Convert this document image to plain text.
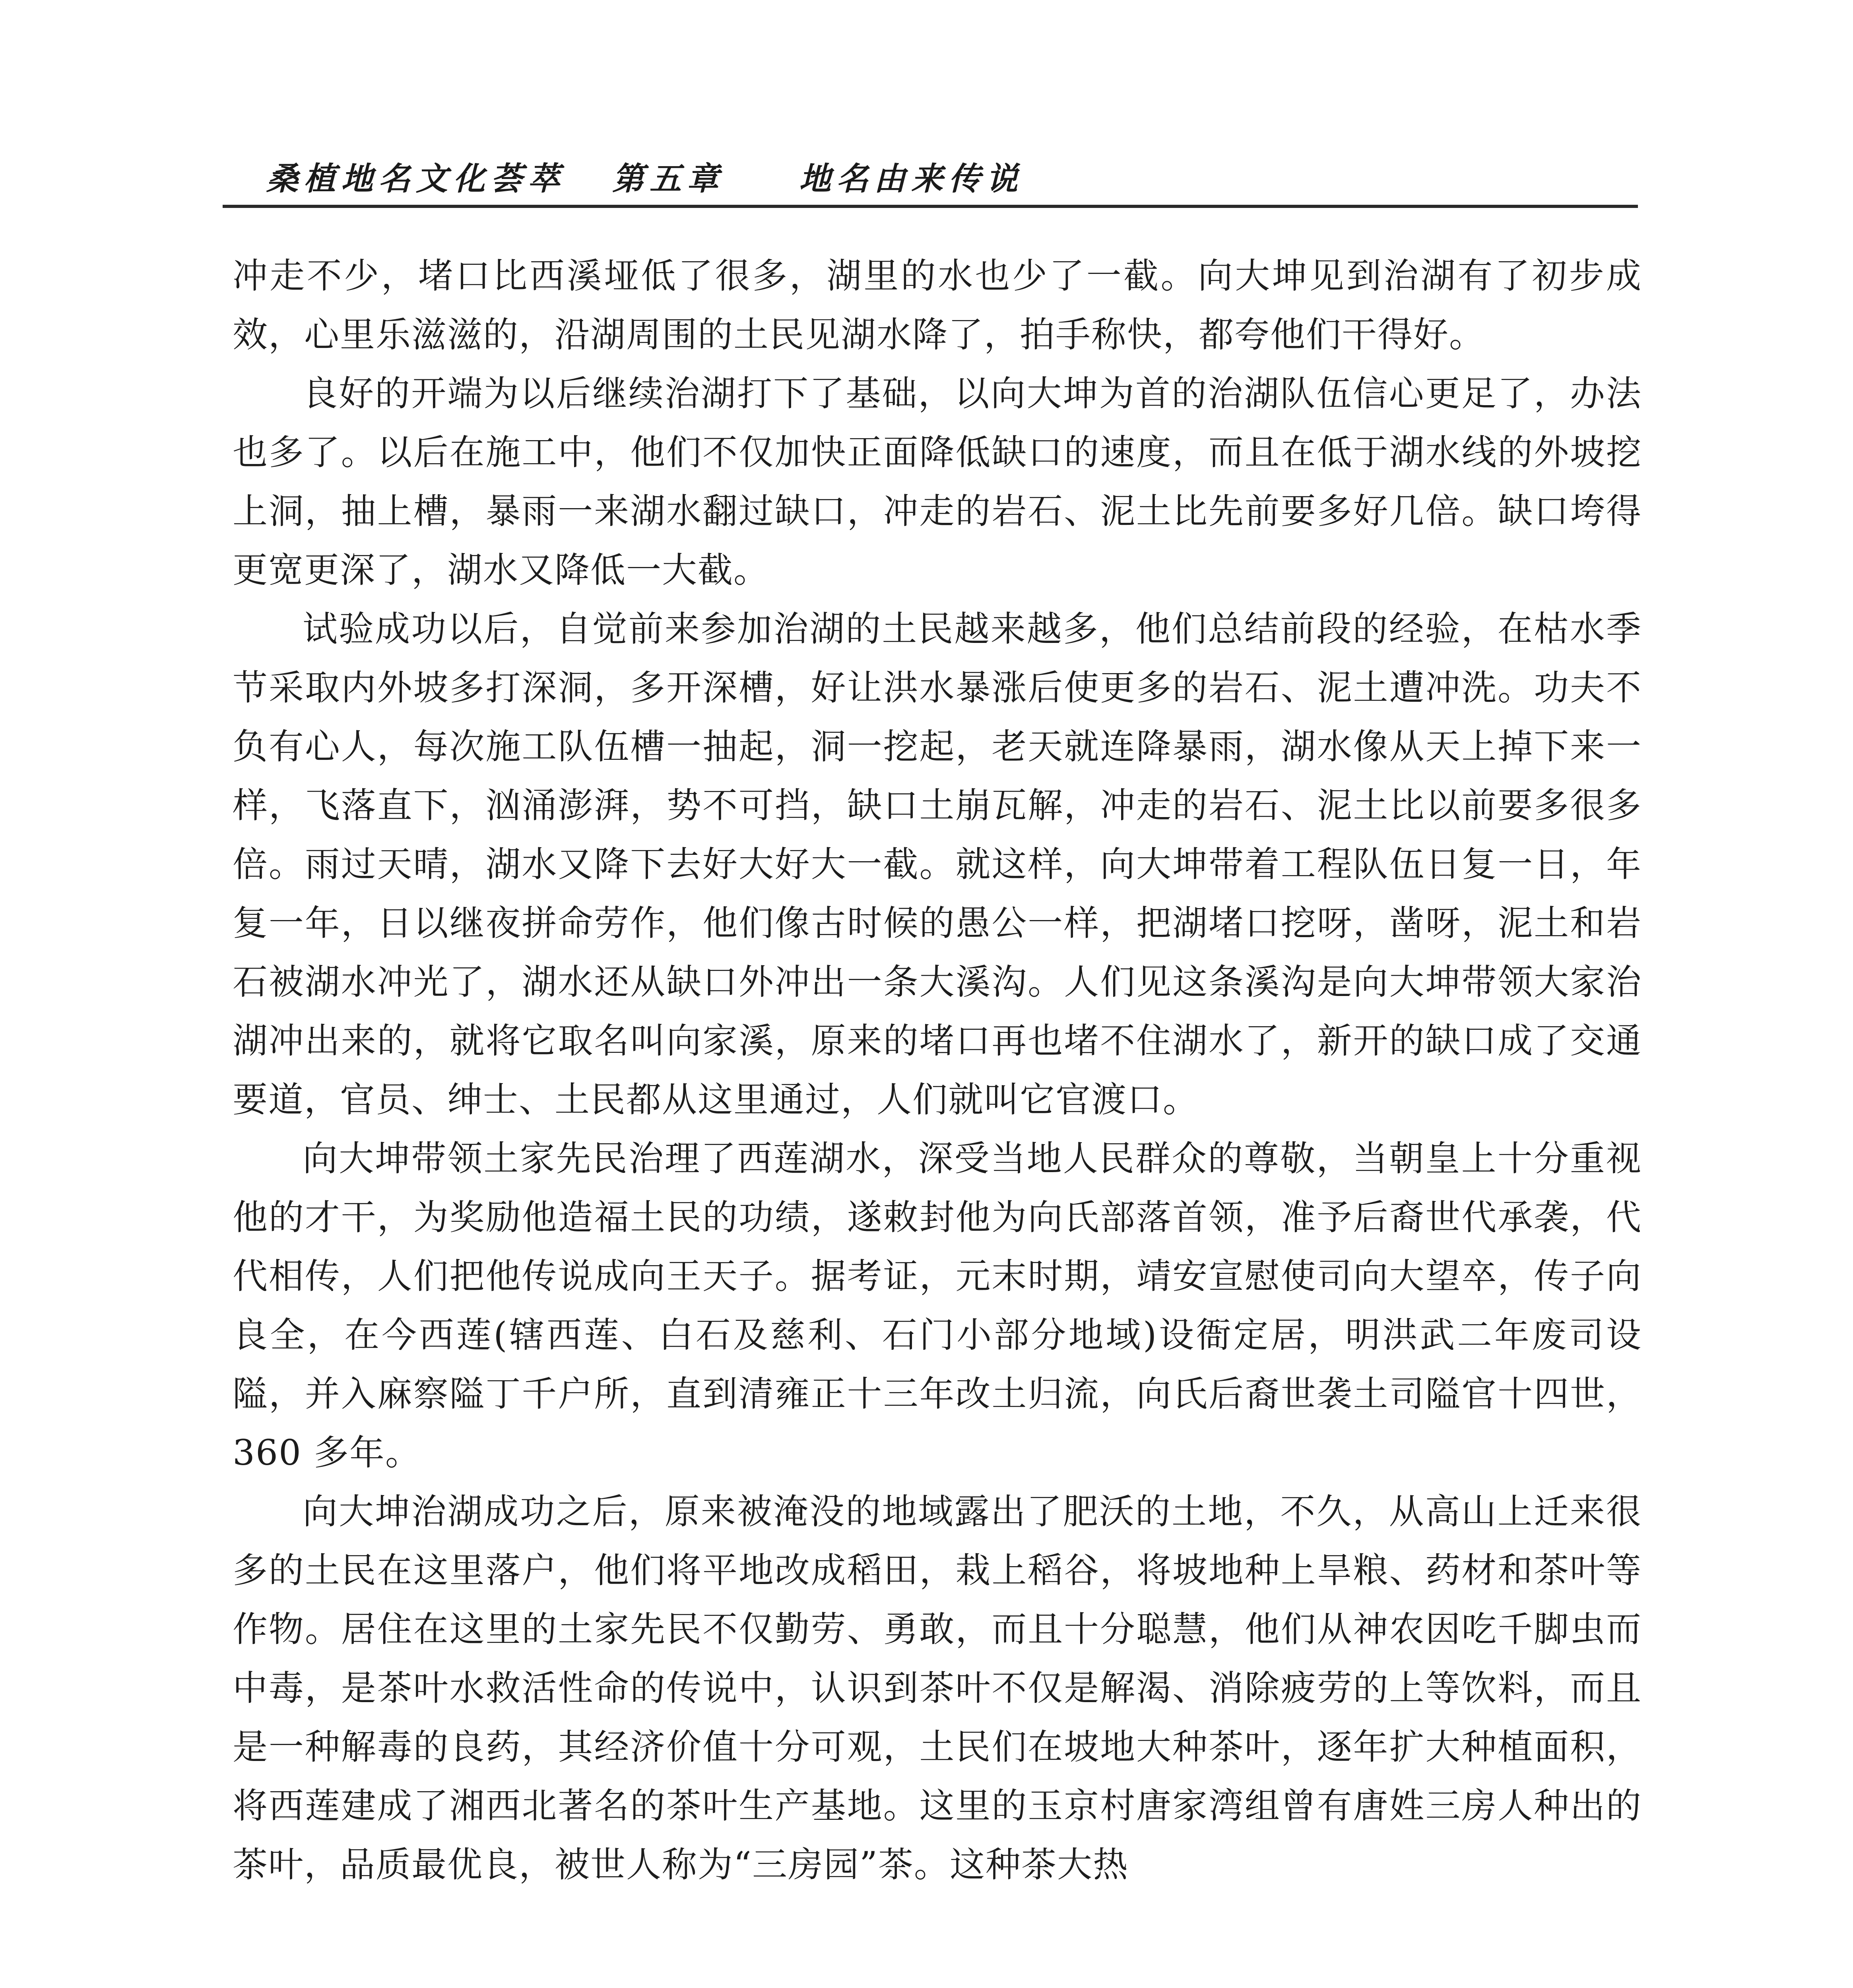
桑植地名文化荟萃 第五章 地名由来传说

冲走不少，堵口比西溪垭低了很多，湖里的水也少了一截。向大坤见到治湖有了初步成效，心里乐滋滋的，沿湖周围的土民见湖水降了，拍手称快，都夸他们干得好。

良好的开端为以后继续治湖打下了基础，以向大坤为首的治湖队伍信心更足了，办法也多了。以后在施工中，他们不仅加快正面降低缺口的速度，而且在低于湖水线的外坡挖上洞，抽上槽，暴雨一来湖水翻过缺口，冲走的岩石、泥土比先前要多好几倍。缺口垮得更宽更深了，湖水又降低一大截。

试验成功以后，自觉前来参加治湖的土民越来越多，他们总结前段的经验，在枯水季节采取内外坡多打深洞，多开深槽，好让洪水暴涨后使更多的岩石、泥土遭冲洗。功夫不负有心人，每次施工队伍槽一抽起，洞一挖起，老天就连降暴雨，湖水像从天上掉下来一样，飞落直下，汹涌澎湃，势不可挡，缺口土崩瓦解，冲走的岩石、泥土比以前要多很多倍。雨过天晴，湖水又降下去好大好大一截。就这样，向大坤带着工程队伍日复一日，年复一年，日以继夜拼命劳作，他们像古时候的愚公一样，把湖堵口挖呀，凿呀，泥土和岩石被湖水冲光了，湖水还从缺口外冲出一条大溪沟。人们见这条溪沟是向大坤带领大家治湖冲出来的，就将它取名叫向家溪，原来的堵口再也堵不住湖水了，新开的缺口成了交通要道，官员、绅士、土民都从这里通过，人们就叫它官渡口。

向大坤带领土家先民治理了西莲湖水，深受当地人民群众的尊敬，当朝皇上十分重视他的才干，为奖励他造福土民的功绩，遂敕封他为向氏部落首领，准予后裔世代承袭，代代相传，人们把他传说成向王天子。据考证，元末时期，靖安宣慰使司向大望卒，传子向良全，在今西莲(辖西莲、白石及慈利、石门小部分地域)设衙定居，明洪武二年废司设隘，并入麻察隘丁千户所，直到清雍正十三年改土归流，向氏后裔世袭土司隘官十四世，360 多年。

向大坤治湖成功之后，原来被淹没的地域露出了肥沃的土地，不久，从高山上迁来很多的土民在这里落户，他们将平地改成稻田，栽上稻谷，将坡地种上旱粮、药材和茶叶等作物。居住在这里的土家先民不仅勤劳、勇敢，而且十分聪慧，他们从神农因吃千脚虫而中毒，是茶叶水救活性命的传说中，认识到茶叶不仅是解渴、消除疲劳的上等饮料，而且是一种解毒的良药，其经济价值十分可观，土民们在坡地大种茶叶，逐年扩大种植面积，将西莲建成了湘西北著名的茶叶生产基地。这里的玉京村唐家湾组曾有唐姓三房人种出的茶叶，品质最优良，被世人称为“三房园”茶。这种茶大热
